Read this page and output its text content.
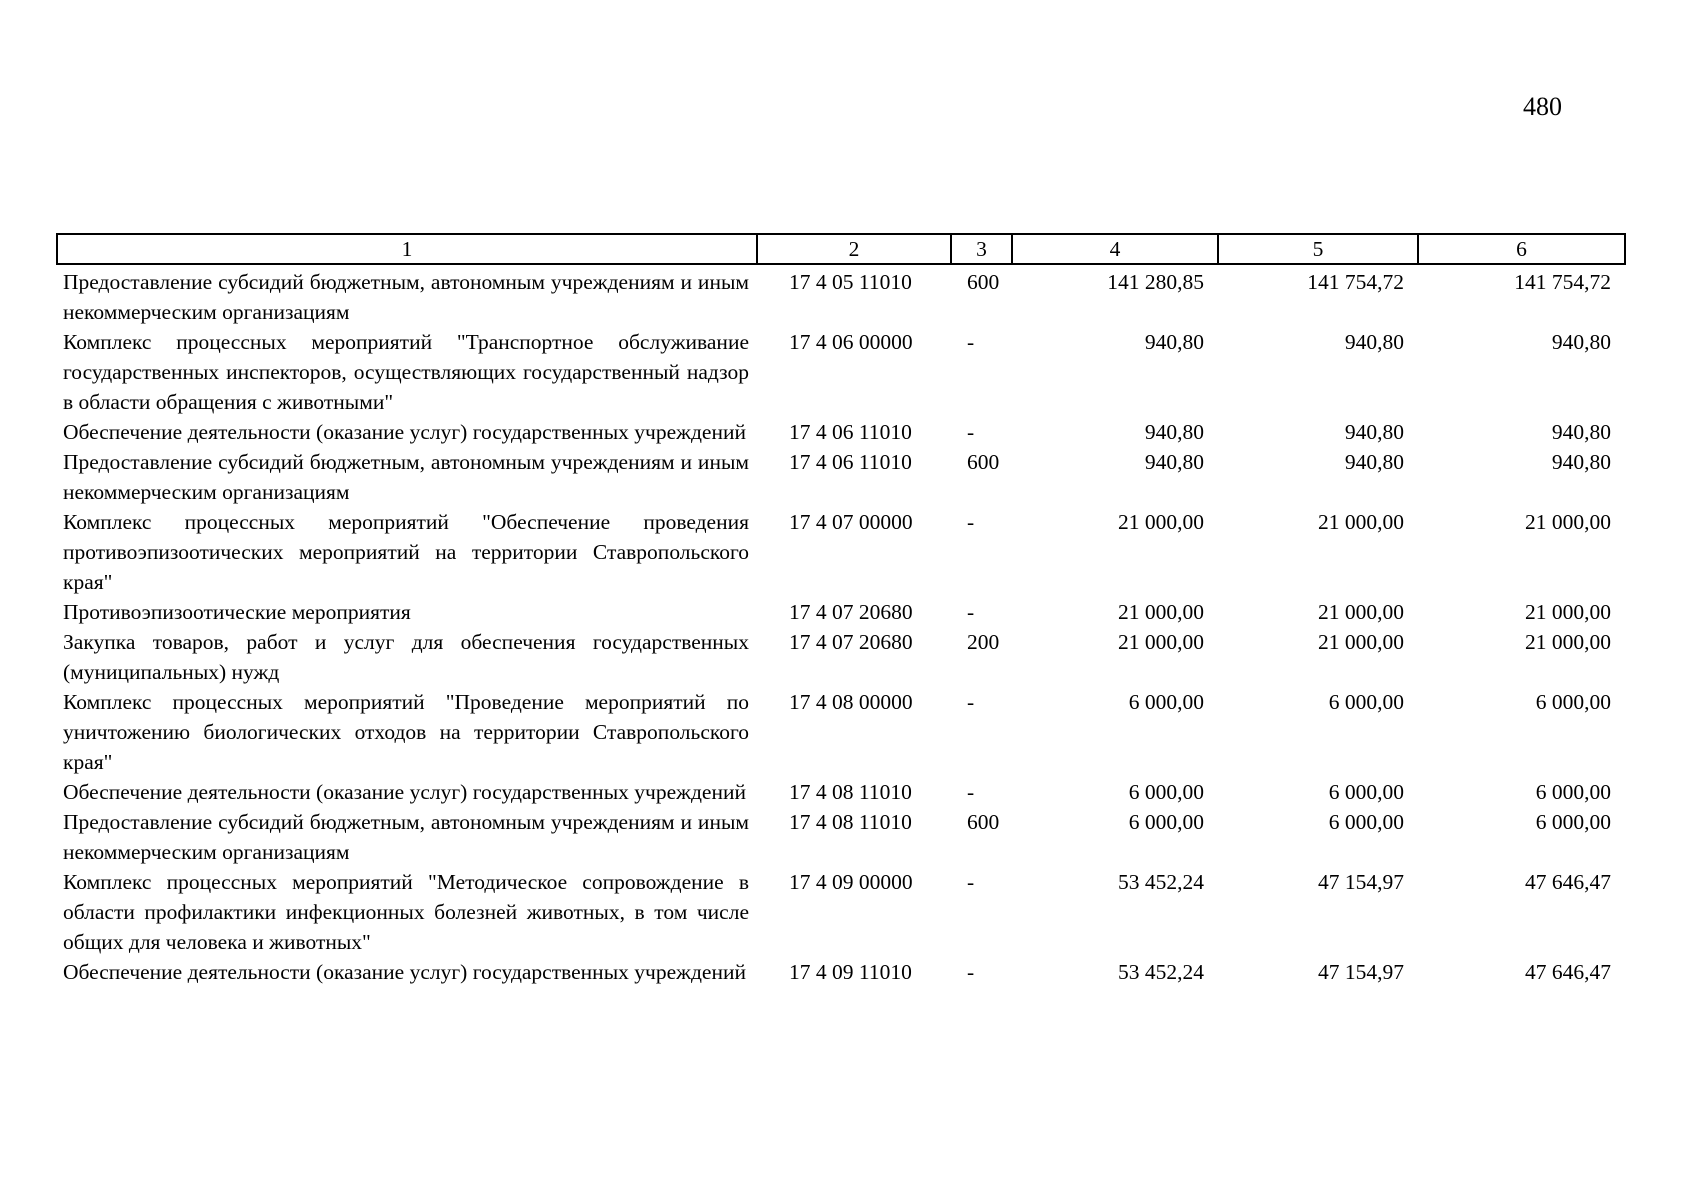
480
1	2	3	4	5	6
Предоставление субсидий бюджетным, автономным учреждениям и иным некоммерческим организациям	17 4 05 11010	600	141 280,85	141 754,72	141 754,72
Комплекс процессных мероприятий "Транспортное обслуживание государственных инспекторов, осуществляющих государственный надзор в области обращения с животными"	17 4 06 00000	-	940,80	940,80	940,80
Обеспечение деятельности (оказание услуг) государственных учреждений	17 4 06 11010	-	940,80	940,80	940,80
Предоставление субсидий бюджетным, автономным учреждениям и иным некоммерческим организациям	17 4 06 11010	600	940,80	940,80	940,80
Комплекс процессных мероприятий "Обеспечение проведения противоэпизоотических мероприятий на территории Ставропольского края"	17 4 07 00000	-	21 000,00	21 000,00	21 000,00
Противоэпизоотические мероприятия	17 4 07 20680	-	21 000,00	21 000,00	21 000,00
Закупка товаров, работ и услуг для обеспечения государственных (муниципальных) нужд	17 4 07 20680	200	21 000,00	21 000,00	21 000,00
Комплекс процессных мероприятий "Проведение мероприятий по уничтожению биологических отходов на территории Ставропольского края"	17 4 08 00000	-	6 000,00	6 000,00	6 000,00
Обеспечение деятельности (оказание услуг) государственных учреждений	17 4 08 11010	-	6 000,00	6 000,00	6 000,00
Предоставление субсидий бюджетным, автономным учреждениям и иным некоммерческим организациям	17 4 08 11010	600	6 000,00	6 000,00	6 000,00
Комплекс процессных мероприятий "Методическое сопровождение в области профилактики инфекционных болезней животных, в том числе общих для человека и животных"	17 4 09 00000	-	53 452,24	47 154,97	47 646,47
Обеспечение деятельности (оказание услуг) государственных учреждений	17 4 09 11010	-	53 452,24	47 154,97	47 646,47
